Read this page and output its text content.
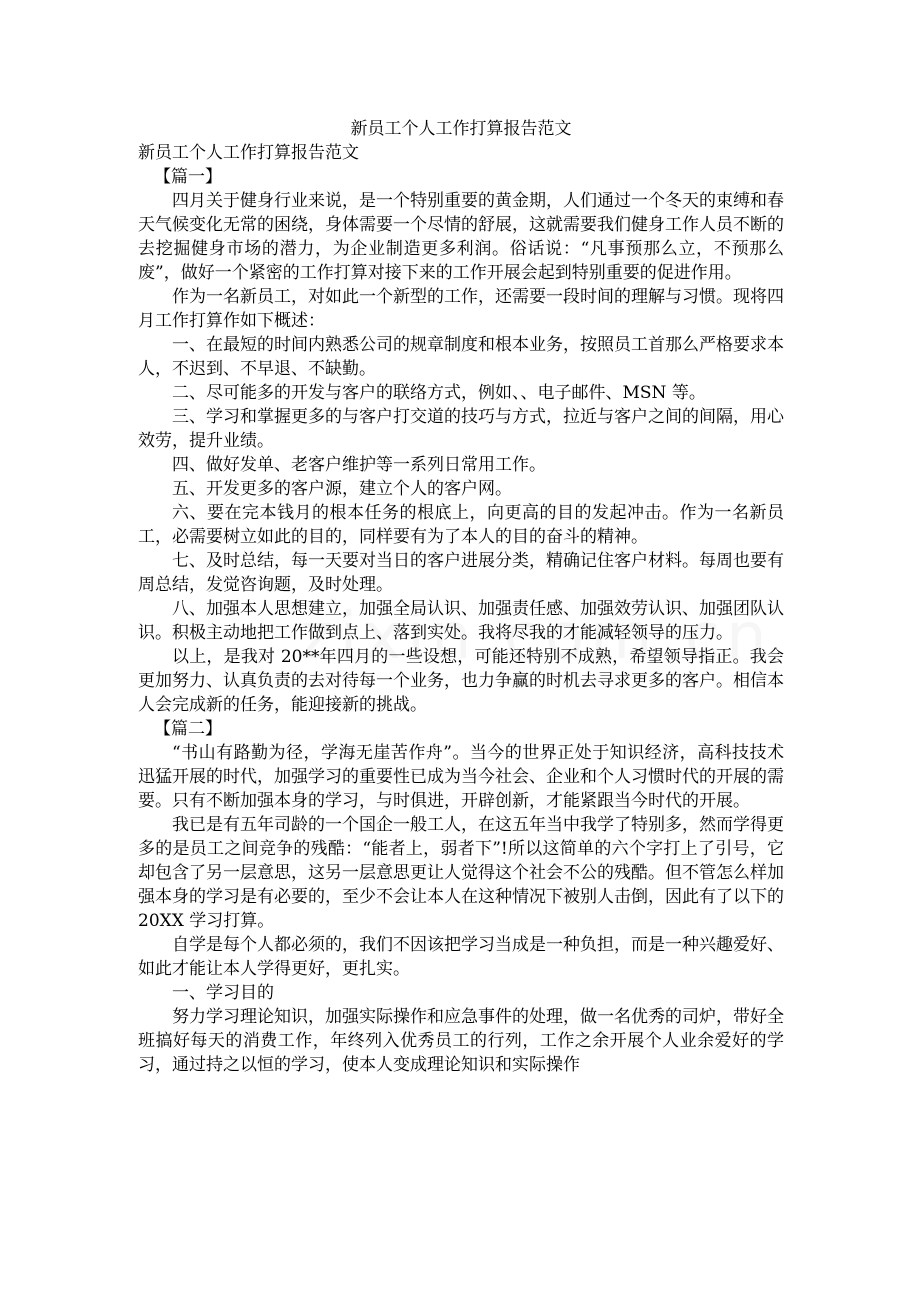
新员工个人工作打算报告范文

新员工个人工作打算报告范文

【篇一】

四月关于健身行业来说，是一个特别重要的黄金期，人们通过一个冬天的束缚和春天气候变化无常的困绕，身体需要一个尽情的舒展，这就需要我们健身工作人员不断的去挖掘健身市场的潜力，为企业制造更多利润。俗话说：“凡事预那么立，不预那么废”，做好一个紧密的工作打算对接下来的工作开展会起到特别重要的促进作用。

作为一名新员工，对如此一个新型的工作，还需要一段时间的理解与习惯。现将四月工作打算作如下概述：

一、在最短的时间内熟悉公司的规章制度和根本业务，按照员工首那么严格要求本人，不迟到、不早退、不缺勤。

二、尽可能多的开发与客户的联络方式，例如、、电子邮件、MSN 等。

三、学习和掌握更多的与客户打交道的技巧与方式，拉近与客户之间的间隔，用心效劳，提升业绩。

四、做好发单、老客户维护等一系列日常用工作。

五、开发更多的客户源，建立个人的客户网。

六、要在完本钱月的根本任务的根底上，向更高的目的发起冲击。作为一名新员工，必需要树立如此的目的，同样要有为了本人的目的奋斗的精神。

七、及时总结，每一天要对当日的客户进展分类，精确记住客户材料。每周也要有周总结，发觉咨询题，及时处理。

八、加强本人思想建立，加强全局认识、加强责任感、加强效劳认识、加强团队认识。积极主动地把工作做到点上、落到实处。我将尽我的才能减轻领导的压力。

以上，是我对 20**年四月的一些设想，可能还特别不成熟，希望领导指正。我会更加努力、认真负责的去对待每一个业务，也力争赢的时机去寻求更多的客户。相信本人会完成新的任务，能迎接新的挑战。

【篇二】

“书山有路勤为径，学海无崖苦作舟”。当今的世界正处于知识经济，高科技技术迅猛开展的时代，加强学习的重要性已成为当今社会、企业和个人习惯时代的开展的需要。只有不断加强本身的学习，与时俱进，开辟创新，才能紧跟当今时代的开展。

我已是有五年司龄的一个国企一般工人，在这五年当中我学了特别多，然而学得更多的是员工之间竞争的残酷：“能者上，弱者下”!所以这简单的六个字打上了引号，它却包含了另一层意思，这另一层意思更让人觉得这个社会不公的残酷。但不管怎么样加强本身的学习是有必要的，至少不会让本人在这种情况下被别人击倒，因此有了以下的 20XX 学习打算。

自学是每个人都必须的，我们不因该把学习当成是一种负担，而是一种兴趣爱好、如此才能让本人学得更好，更扎实。

一、学习目的

努力学习理论知识，加强实际操作和应急事件的处理，做一名优秀的司炉，带好全班搞好每天的消费工作，年终列入优秀员工的行列，工作之余开展个人业余爱好的学习，通过持之以恒的学习，使本人变成理论知识和实际操作
